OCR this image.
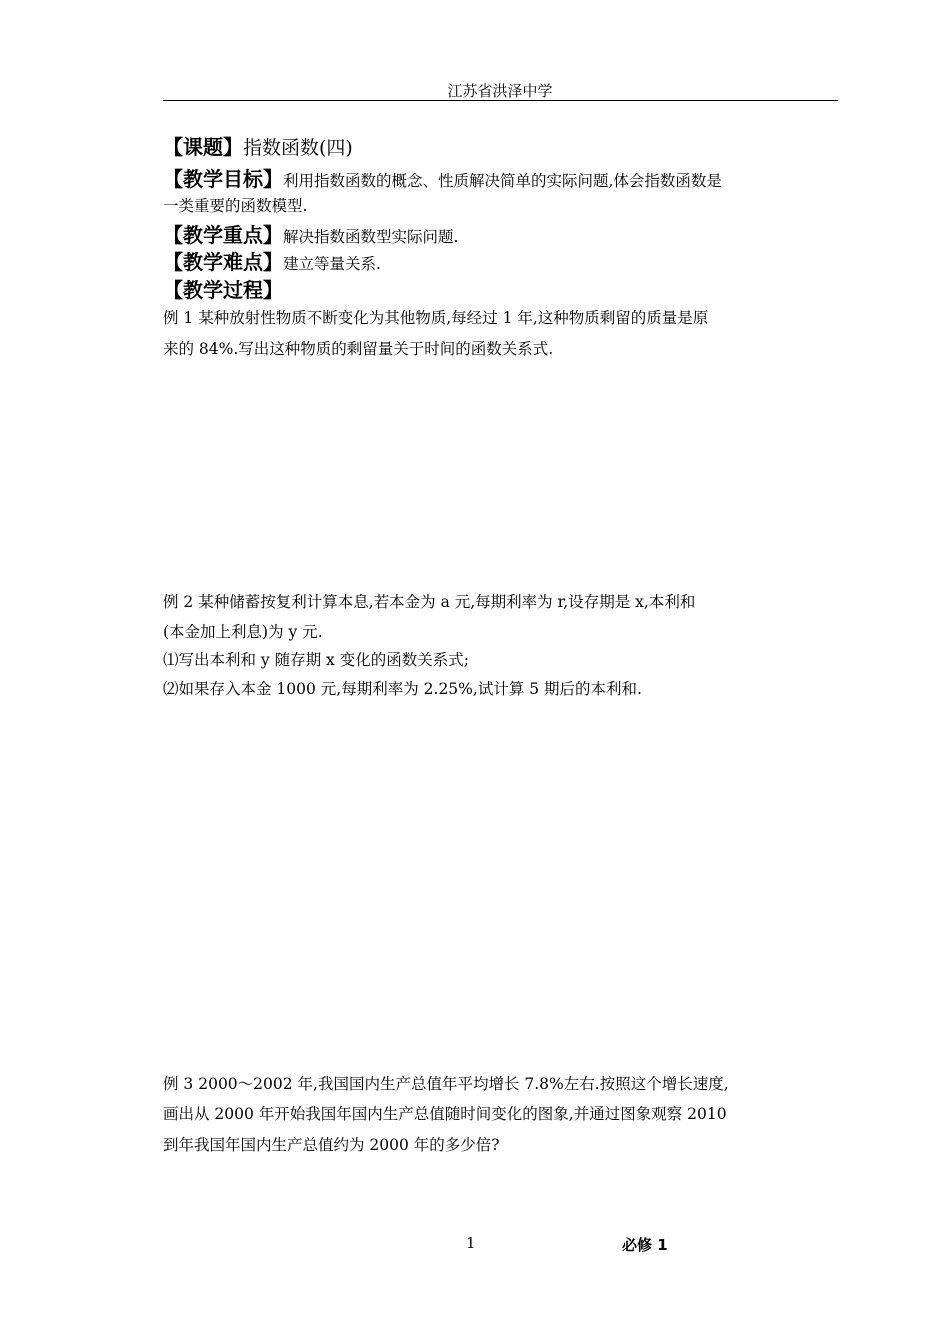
江苏省洪泽中学
【课题】指数函数(四)
【教学目标】利用指数函数的概念、性质解决简单的实际问题,体会指数函数是
一类重要的函数模型.
【教学重点】解决指数函数型实际问题.
【教学难点】建立等量关系.
【教学过程】
例 1 某种放射性物质不断变化为其他物质,每经过 1 年,这种物质剩留的质量是原
来的 84%.写出这种物质的剩留量关于时间的函数关系式.
例 2 某种储蓄按复利计算本息,若本金为 a 元,每期利率为 r,设存期是 x,本利和
(本金加上利息)为 y 元.
⑴写出本利和 y 随存期 x 变化的函数关系式;
⑵如果存入本金 1000 元,每期利率为 2.25%,试计算 5 期后的本利和.
例 3 2000～2002 年,我国国内生产总值年平均增长 7.8%左右.按照这个增长速度,
画出从 2000 年开始我国年国内生产总值随时间变化的图象,并通过图象观察 2010
到年我国年国内生产总值约为 2000 年的多少倍?
1	必修 1
